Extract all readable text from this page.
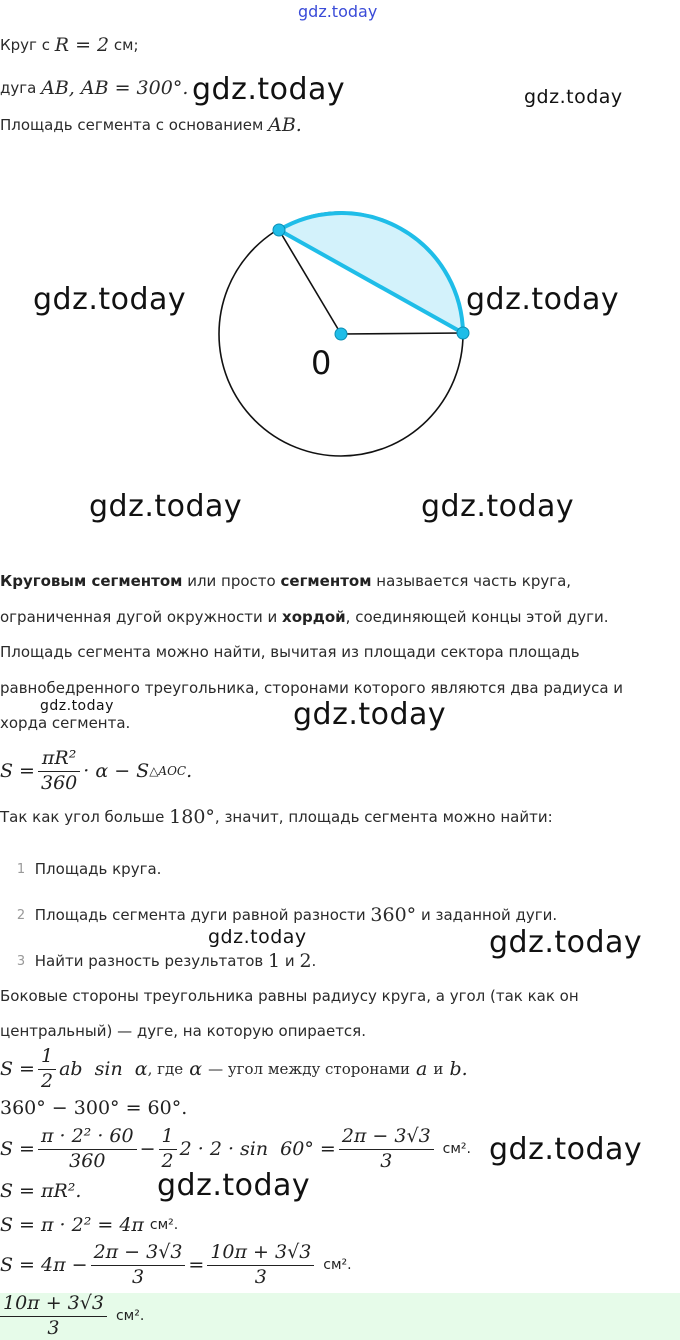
gdz.today
Круг с
R = 2
см;
дуга
AB, AB = 300°. gdz.today	gdz.today
Площадь сегмента с основанием
AB.
0
gdz.today	gdz.today
gdz.today	gdz.today
Круговым сегментом или просто сегментом называется часть круга,
ограниченная дугой окружности и хордой, соединяющей концы этой дуги.
Площадь сегмента можно найти, вычитая из площади сектора площадь
равнобедренного треугольника, сторонами которого являются два радиуса и
gdz.today
хорда сегмента.	gdz.today
$S = \frac{\text{πR²}}{360} \cdot \alpha - S$ △AOC .
Так как угол больше
180° , значит, площадь сегмента можно найти:
1
Площадь круга.
2
Площадь сегмента дуги равной разности
360°
и заданной дуги.
gdz.today	gdz.today
3
Найти разность результатов
1
и
2 .
Боковые стороны треугольника равны радиусу круга, а угол (так как он
центральный) — дуге, на которую опирается.
$S = \frac{1}{2}$ ab  sin  α , где
α
— угол между сторонами
a
и
b .
360° − 300° = 60°.
$S = \frac{\text{π · 2² · 60}}{360} - \frac{1}{2} 2 \cdot 2 \cdot \sin 60^\circ = \frac{2\pi - 3√3}{3} см^2$. gdz.today
S = πR².	gdz.today
S = π · 2² = 4π см².
$S = 4\pi - \frac{2\pi - 3√3}{3} = \frac{10\pi + 3√3}{3} см^2$.
$\frac{10\pi + 3√3}{3} см^2$.
